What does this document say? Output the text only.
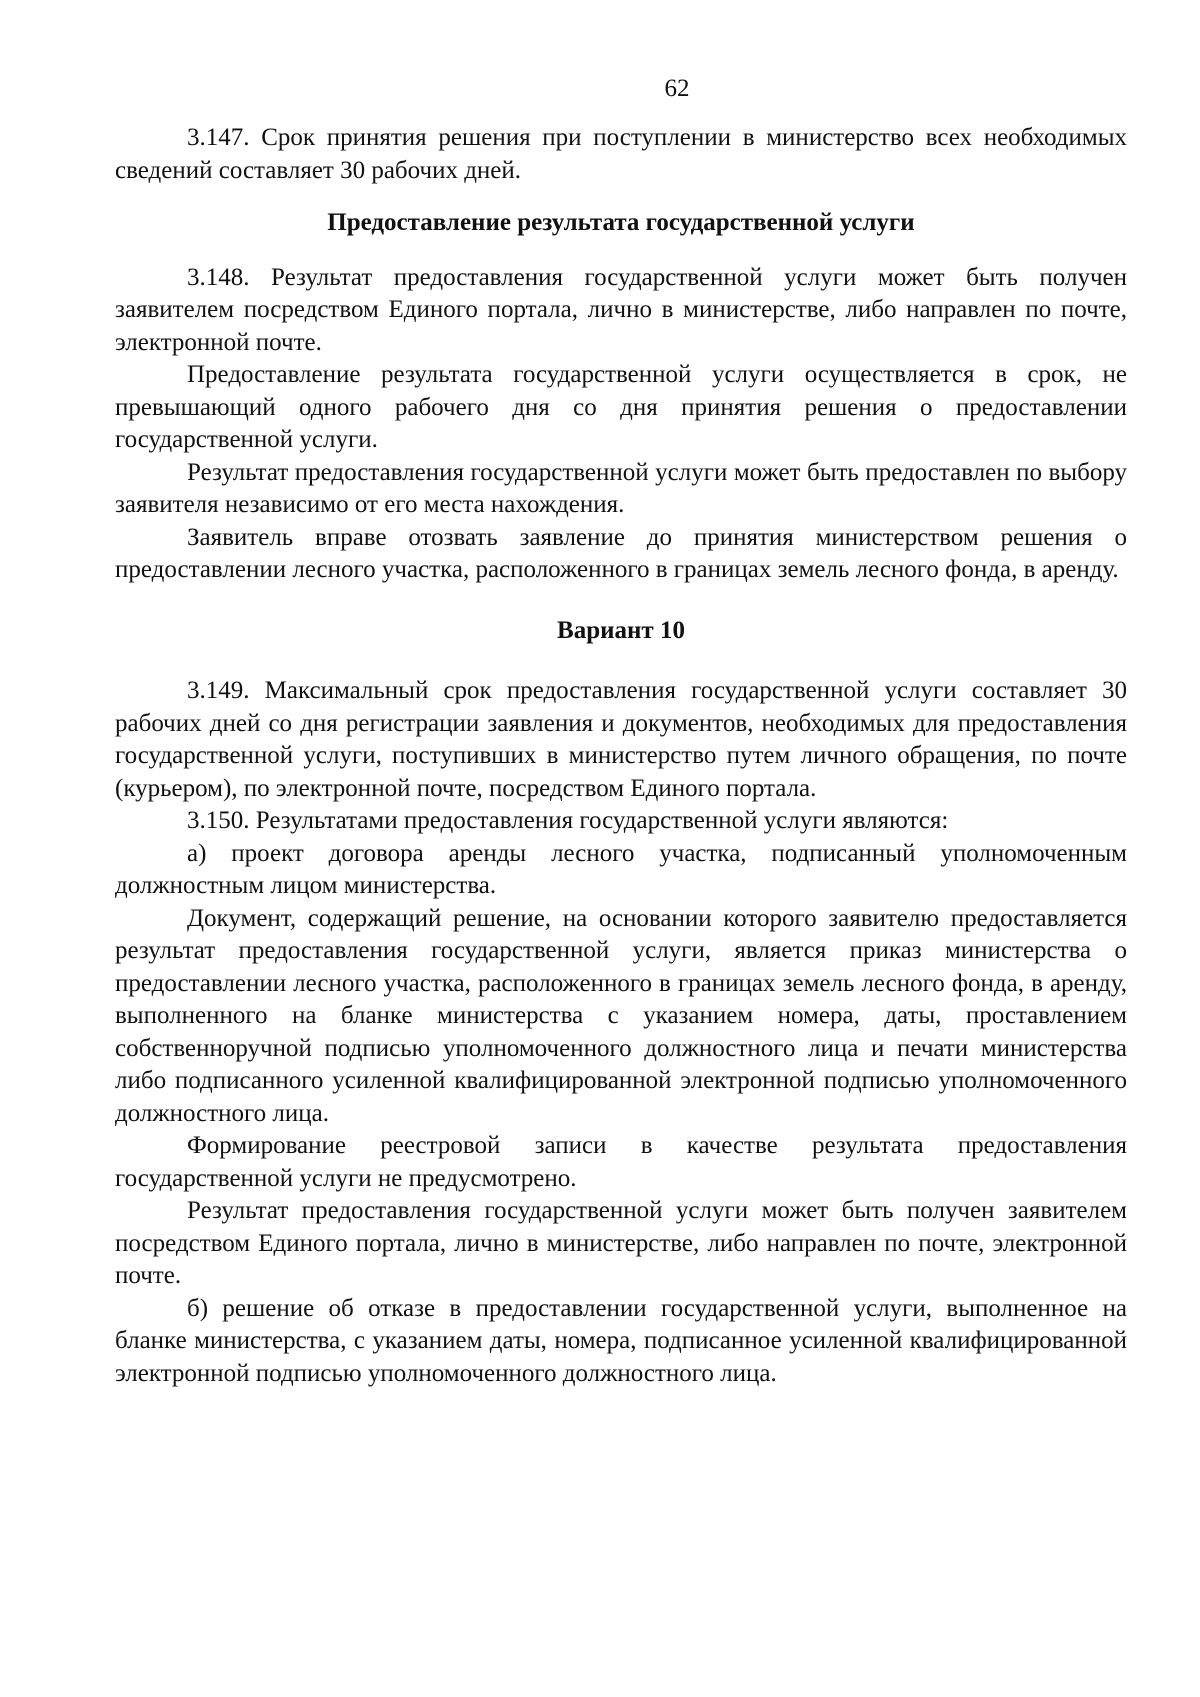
62

3.147. Срок принятия решения при поступлении в министерство всех необходимых сведений составляет 30 рабочих дней.

Предоставление результата государственной услуги

3.148. Результат предоставления государственной услуги может быть получен заявителем посредством Единого портала, лично в министерстве, либо направлен по почте, электронной почте.

Предоставление результата государственной услуги осуществляется в срок, не превышающий одного рабочего дня со дня принятия решения о предоставлении государственной услуги.

Результат предоставления государственной услуги может быть предоставлен по выбору заявителя независимо от его места нахождения.

Заявитель вправе отозвать заявление до принятия министерством решения о предоставлении лесного участка, расположенного в границах земель лесного фонда, в аренду.

Вариант 10

3.149. Максимальный срок предоставления государственной услуги составляет 30 рабочих дней со дня регистрации заявления и документов, необходимых для предоставления государственной услуги, поступивших в министерство путем личного обращения, по почте (курьером), по электронной почте, посредством Единого портала.

3.150. Результатами предоставления государственной услуги являются:

а) проект договора аренды лесного участка, подписанный уполномоченным должностным лицом министерства.

Документ, содержащий решение, на основании которого заявителю предоставляется результат предоставления государственной услуги, является приказ министерства о предоставлении лесного участка, расположенного в границах земель лесного фонда, в аренду, выполненного на бланке министерства с указанием номера, даты, проставлением собственноручной подписью уполномоченного должностного лица и печати министерства либо подписанного усиленной квалифицированной электронной подписью уполномоченного должностного лица.

Формирование реестровой записи в качестве результата предоставления государственной услуги не предусмотрено.

Результат предоставления государственной услуги может быть получен заявителем посредством Единого портала, лично в министерстве, либо направлен по почте, электронной почте.

б) решение об отказе в предоставлении государственной услуги, выполненное на бланке министерства, с указанием даты, номера, подписанное усиленной квалифицированной электронной подписью уполномоченного должностного лица.
